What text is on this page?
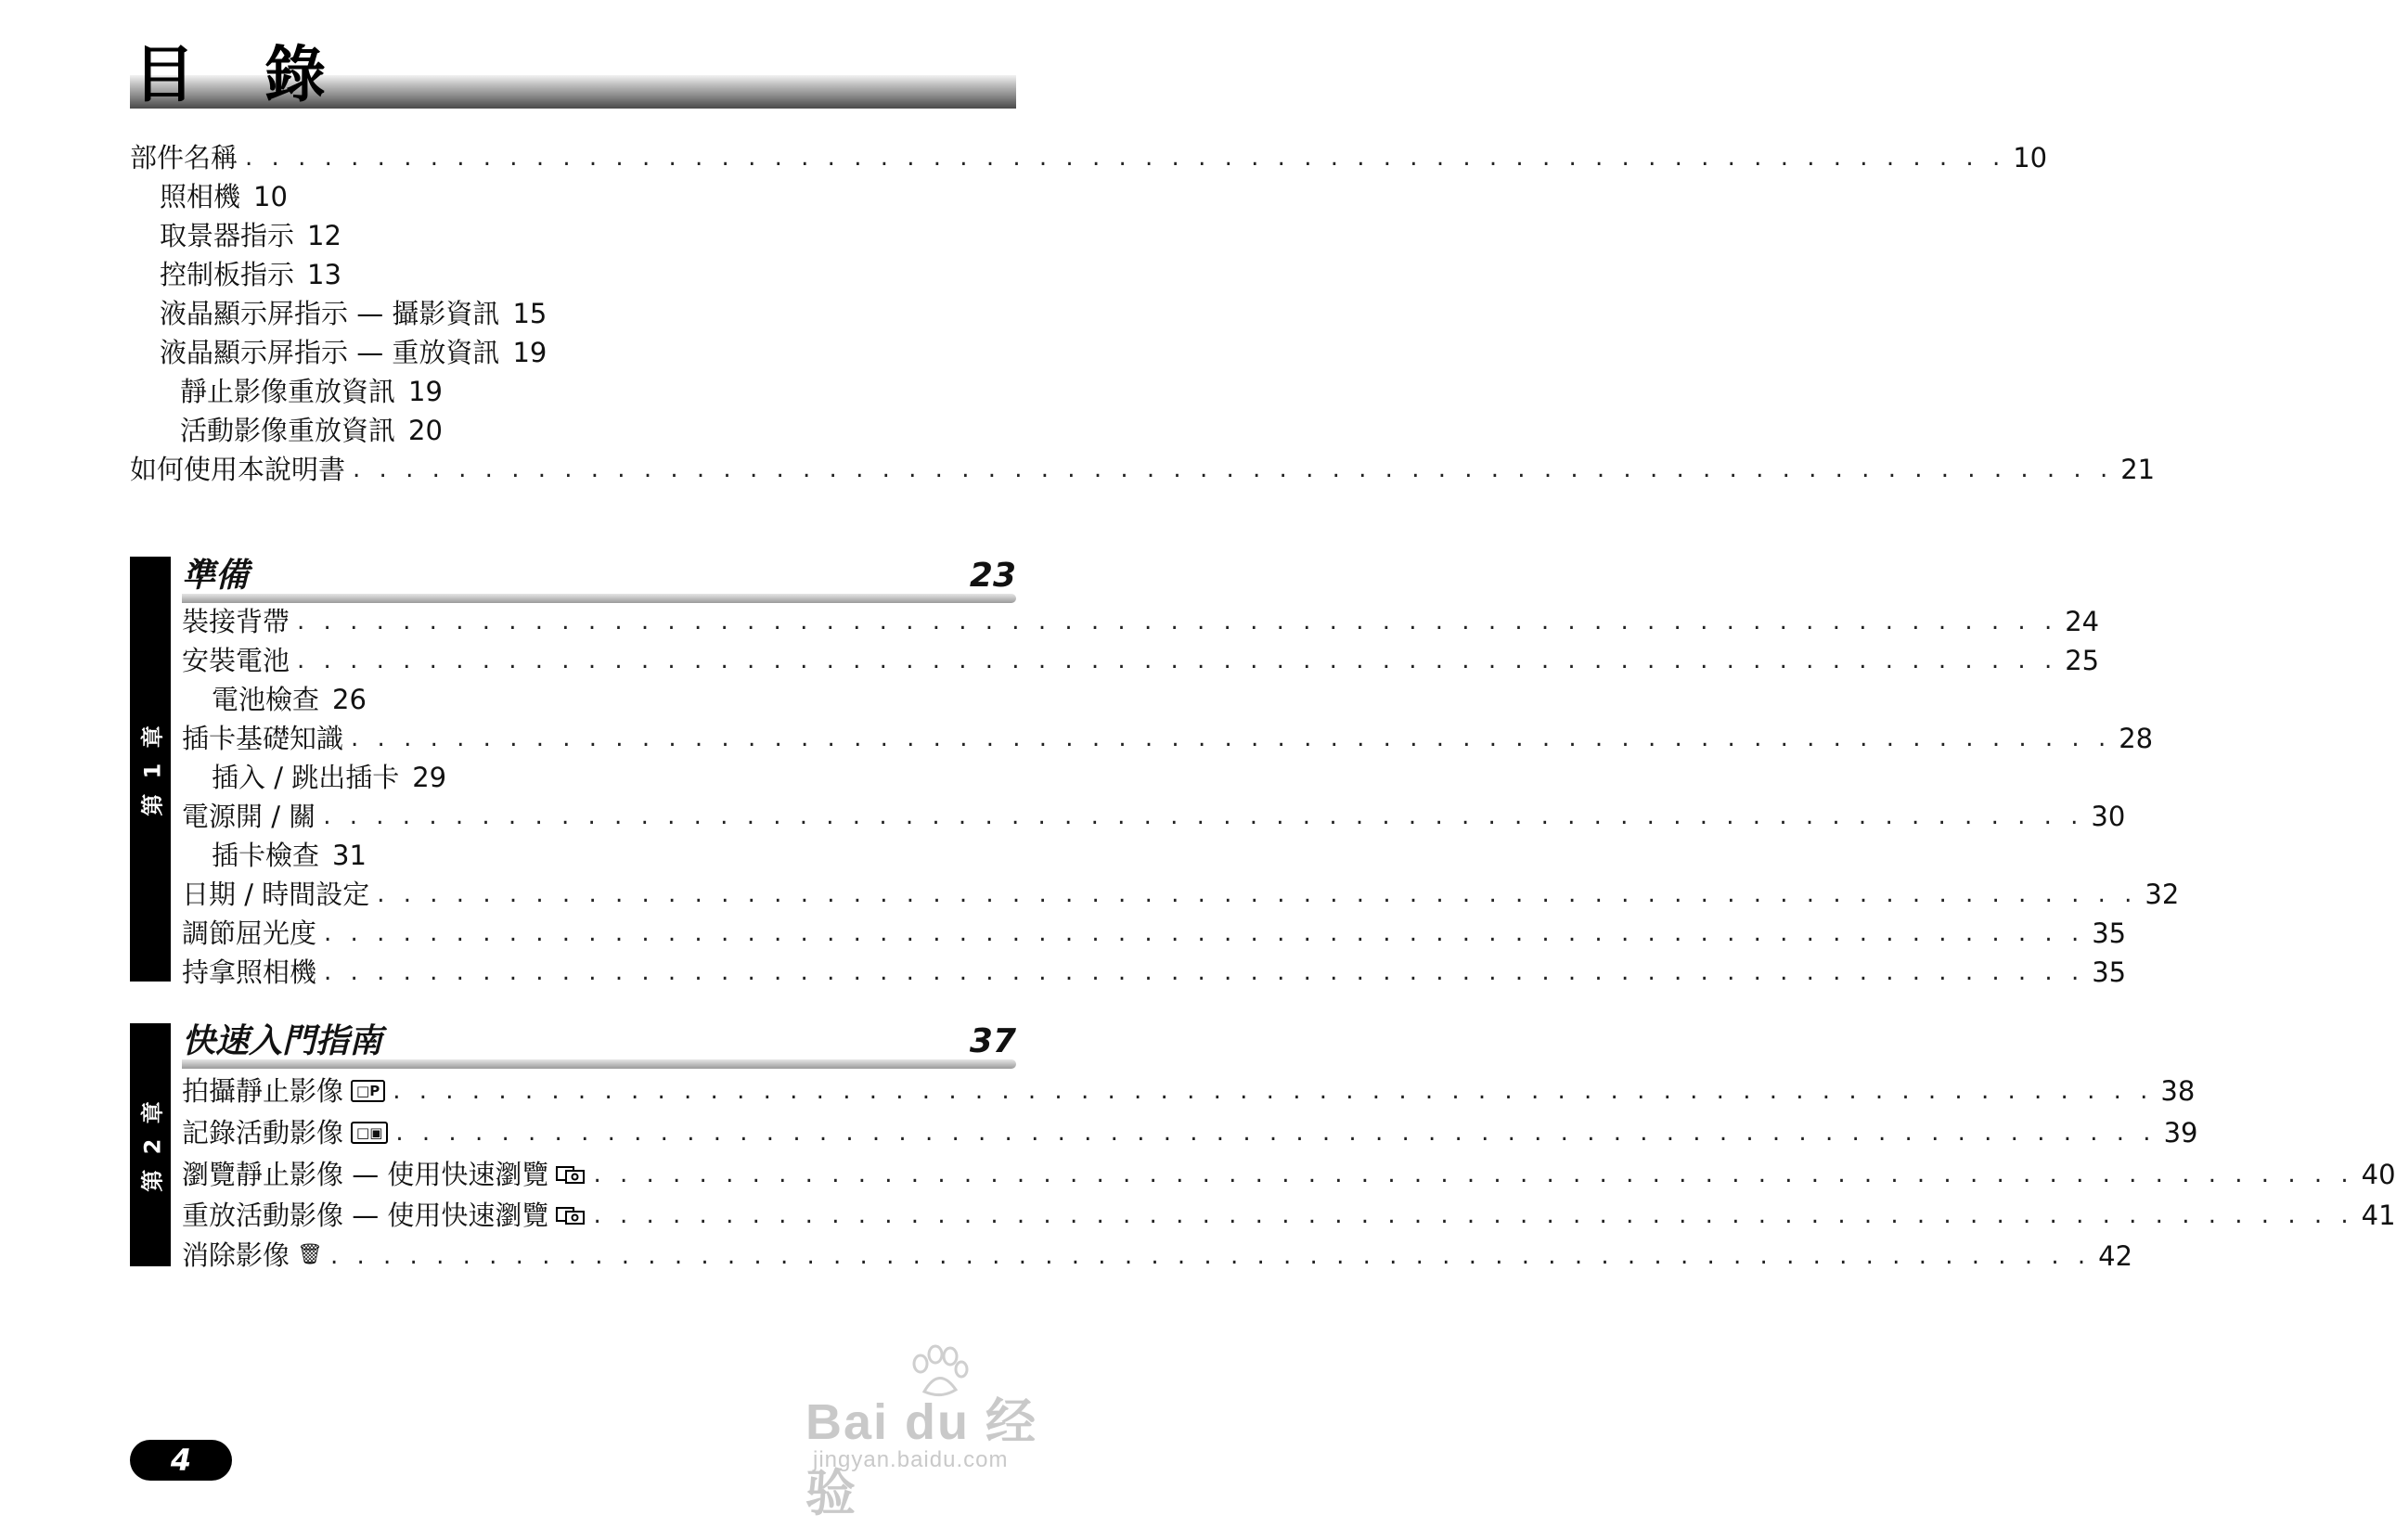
目 錄
部件名稱 . . . . . . . . . . . . . . . . . . . . . . . . . . . . . . . . . . . . . . . . . . . . . . . . . . . . . . . . . . . . . . . . . . . 10
照相機 10
取景器指示 12
控制板指示 13
液晶顯示屏指示 — 攝影資訊 15
液晶顯示屏指示 — 重放資訊 19
靜止影像重放資訊 19
活動影像重放資訊 20
如何使用本說明書 . . . . . . . . . . . . . . . . . . . . . . . . . . . . . . . . . . . . . . . . . . . . . . . . . . . . . . . . . . . . . . . . . . . 21
第 1 章
準備	23
裝接背帶 . . . . . . . . . . . . . . . . . . . . . . . . . . . . . . . . . . . . . . . . . . . . . . . . . . . . . . . . . . . . . . . . . . . 24
安裝電池 . . . . . . . . . . . . . . . . . . . . . . . . . . . . . . . . . . . . . . . . . . . . . . . . . . . . . . . . . . . . . . . . . . . 25
電池檢查 26
插卡基礎知識 . . . . . . . . . . . . . . . . . . . . . . . . . . . . . . . . . . . . . . . . . . . . . . . . . . . . . . . . . . . . . . . . . . . 28
插入 / 跳出插卡 29
電源開 / 關 . . . . . . . . . . . . . . . . . . . . . . . . . . . . . . . . . . . . . . . . . . . . . . . . . . . . . . . . . . . . . . . . . . . 30
插卡檢查 31
日期 / 時間設定 . . . . . . . . . . . . . . . . . . . . . . . . . . . . . . . . . . . . . . . . . . . . . . . . . . . . . . . . . . . . . . . . . . . 32
調節屈光度 . . . . . . . . . . . . . . . . . . . . . . . . . . . . . . . . . . . . . . . . . . . . . . . . . . . . . . . . . . . . . . . . . . . 35
持拿照相機 . . . . . . . . . . . . . . . . . . . . . . . . . . . . . . . . . . . . . . . . . . . . . . . . . . . . . . . . . . . . . . . . . . . 35
第 2 章
快速入門指南	37
拍攝靜止影像 □P . . . . . . . . . . . . . . . . . . . . . . . . . . . . . . . . . . . . . . . . . . . . . . . . . . . . . . . . . . . . . . . . . . . 38
記錄活動影像 □▣ . . . . . . . . . . . . . . . . . . . . . . . . . . . . . . . . . . . . . . . . . . . . . . . . . . . . . . . . . . . . . . . . . . . 39
瀏覽靜止影像 — 使用快速瀏覽	. . . . . . . . . . . . . . . . . . . . . . . . . . . . . . . . . . . . . . . . . . . . . . . . . . . . . . . . . . . . . . . . . . . 40
重放活動影像 — 使用快速瀏覽	. . . . . . . . . . . . . . . . . . . . . . . . . . . . . . . . . . . . . . . . . . . . . . . . . . . . . . . . . . . . . . . . . . . 41
消除影像 🗑 . . . . . . . . . . . . . . . . . . . . . . . . . . . . . . . . . . . . . . . . . . . . . . . . . . . . . . . . . . . . . . . . . . . 42
4
Bai du 经验
jingyan.baidu.com
